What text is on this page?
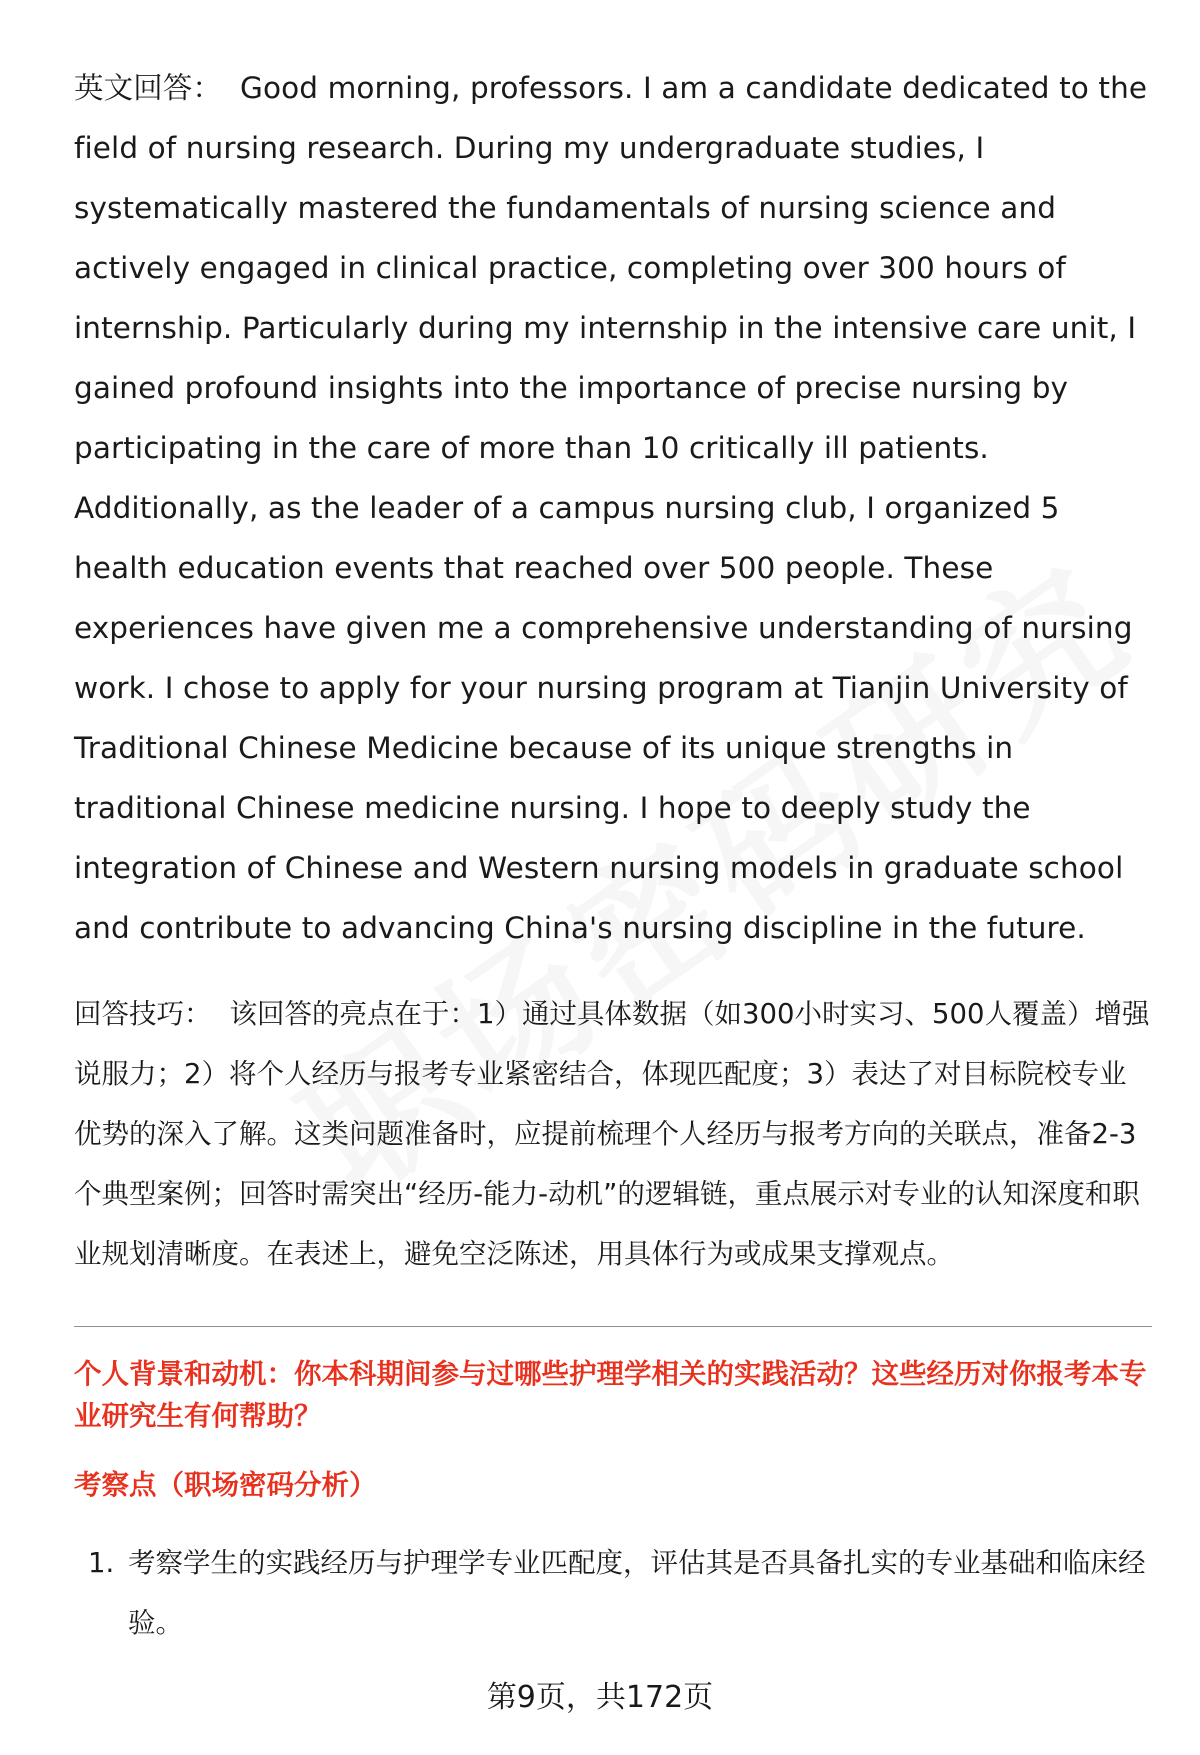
英文回答： Good morning, professors. I am a candidate dedicated to the field of nursing research. During my undergraduate studies, I systematically mastered the fundamentals of nursing science and actively engaged in clinical practice, completing over 300 hours of internship. Particularly during my internship in the intensive care unit, I gained profound insights into the importance of precise nursing by participating in the care of more than 10 critically ill patients. Additionally, as the leader of a campus nursing club, I organized 5 health education events that reached over 500 people. These experiences have given me a comprehensive understanding of nursing work. I chose to apply for your nursing program at Tianjin University of Traditional Chinese Medicine because of its unique strengths in traditional Chinese medicine nursing. I hope to deeply study the integration of Chinese and Western nursing models in graduate school and contribute to advancing China's nursing discipline in the future.

回答技巧： 该回答的亮点在于：1）通过具体数据（如300小时实习、500人覆盖）增强说服力；2）将个人经历与报考专业紧密结合，体现匹配度；3）表达了对目标院校专业优势的深入了解。这类问题准备时，应提前梳理个人经历与报考方向的关联点，准备2-3个典型案例；回答时需突出“经历-能力-动机”的逻辑链，重点展示对专业的认知深度和职业规划清晰度。在表述上，避免空泛陈述，用具体行为或成果支撑观点。

个人背景和动机：你本科期间参与过哪些护理学相关的实践活动？这些经历对你报考本专业研究生有何帮助？
考察点（职场密码分析）
1. 考察学生的实践经历与护理学专业匹配度，评估其是否具备扎实的专业基础和临床经验。
第9页，共172页
